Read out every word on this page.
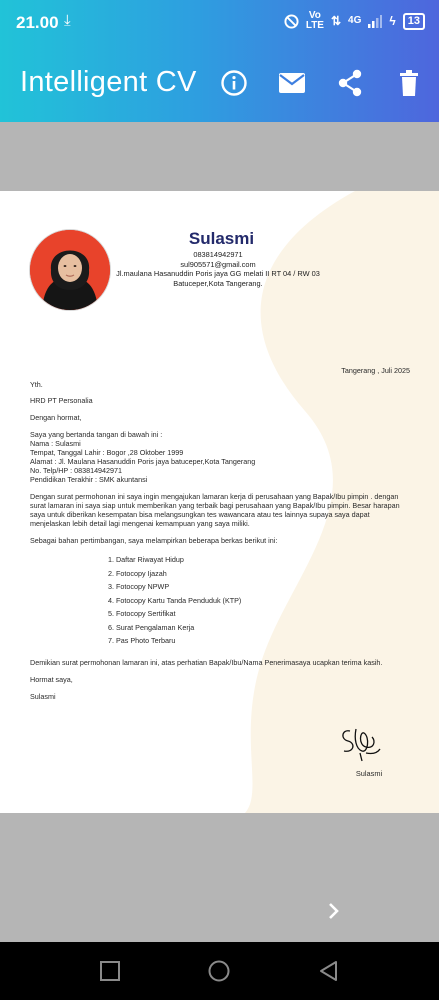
21.00 ⤓	Vo
LTE ⇅ 4G ϟ	13
Intelligent CV
Sulasmi
083814942971
sul905571@gmail.com
Jl.maulana Hasanuddin Poris jaya GG melati II RT 04 / RW 03
Batuceper,Kota Tangerang.

Tangerang , Juli 2025

Yth.

HRD PT Personalia

Dengan hormat,

Saya yang bertanda tangan di bawah ini :

Nama : Sulasmi

Tempat, Tanggal Lahir : Bogor ,28 Oktober 1999

Alamat : Jl. Maulana Hasanuddin Poris jaya batuceper,Kota Tangerang

No. Telp/HP : 083814942971

Pendidikan Terakhir : SMK akuntansi

Dengan surat permohonan ini saya ingin mengajukan lamaran kerja di perusahaan yang Bapak/Ibu pimpin . dengan surat lamaran ini saya siap untuk memberikan yang terbaik bagi perusahaan yang Bapak/Ibu pimpin. Besar harapan saya untuk diberikan kesempatan bisa melangsungkan tes wawancara atau tes lainnya supaya saya dapat menjelaskan lebih detail lagi mengenai kemampuan yang saya miliki.

Sebagai bahan pertimbangan, saya melampirkan beberapa berkas berikut ini:

1. Daftar Riwayat Hidup
2. Fotocopy Ijazah
3. Fotocopy NPWP
4. Fotocopy Kartu Tanda Penduduk (KTP)
5. Fotocopy Sertifikat
6. Surat Pengalaman Kerja
7. Pas Photo Terbaru

Demikian surat permohonan lamaran ini, atas perhatian Bapak/Ibu/Nama Penerimasaya ucapkan terima kasih.

Hormat saya,

Sulasmi

Sulasmi
